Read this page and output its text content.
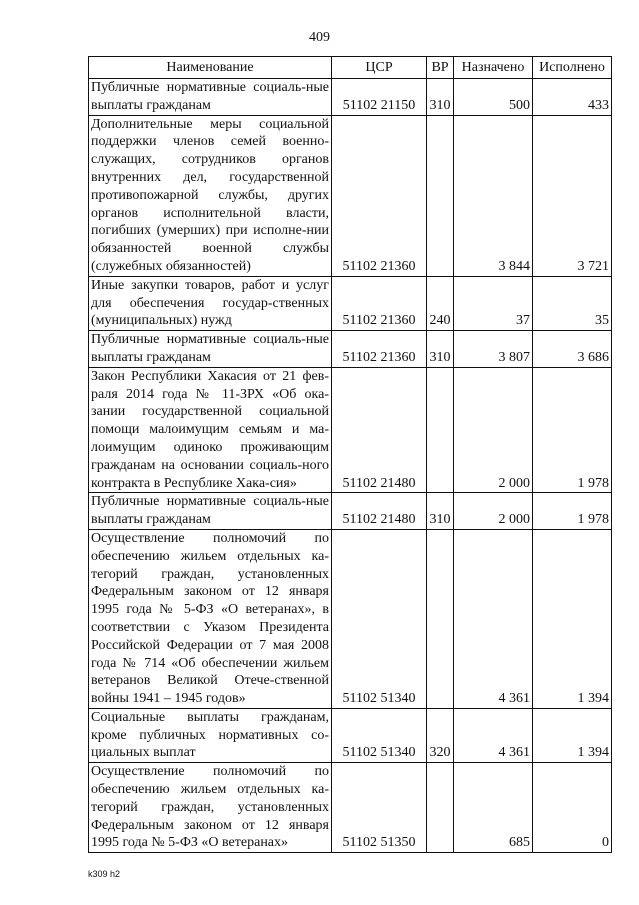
409
Наименование	ЦСР	ВР	Назначено	Исполнено
Публичные нормативные социаль-ные выплаты гражданам	51102 21150	310	500	433
Дополнительные меры социальной поддержки членов семей военно-служащих, сотрудников органов внутренних дел, государственной противопожарной службы, других органов исполнительной власти, погибших (умерших) при исполне-нии обязанностей военной службы (служебных обязанностей)	51102 21360		3 844	3 721
Иные закупки товаров, работ и услуг для обеспечения государ-ственных (муниципальных) нужд	51102 21360	240	37	35
Публичные нормативные социаль-ные выплаты гражданам	51102 21360	310	3 807	3 686
Закон Республики Хакасия от 21 фев-раля 2014 года № 11-ЗРХ «Об ока-зании государственной социальной помощи малоимущим семьям и ма-лоимущим одиноко проживающим гражданам на основании социаль-ного контракта в Республике Хака-сия»	51102 21480		2 000	1 978
Публичные нормативные социаль-ные выплаты гражданам	51102 21480	310	2 000	1 978
Осуществление полномочий по обеспечению жильем отдельных ка-тегорий граждан, установленных Федеральным законом от 12 января 1995 года № 5-ФЗ «О ветеранах», в соответствии с Указом Президента Российской Федерации от 7 мая 2008 года № 714 «Об обеспечении жильем ветеранов Великой Отече-ственной войны 1941 – 1945 годов»	51102 51340		4 361	1 394
Социальные выплаты гражданам, кроме публичных нормативных со-циальных выплат	51102 51340	320	4 361	1 394
Осуществление полномочий по обеспечению жильем отдельных ка-тегорий граждан, установленных Федеральным законом от 12 января 1995 года № 5-ФЗ «О ветеранах»	51102 51350		685	0
k309 h2
